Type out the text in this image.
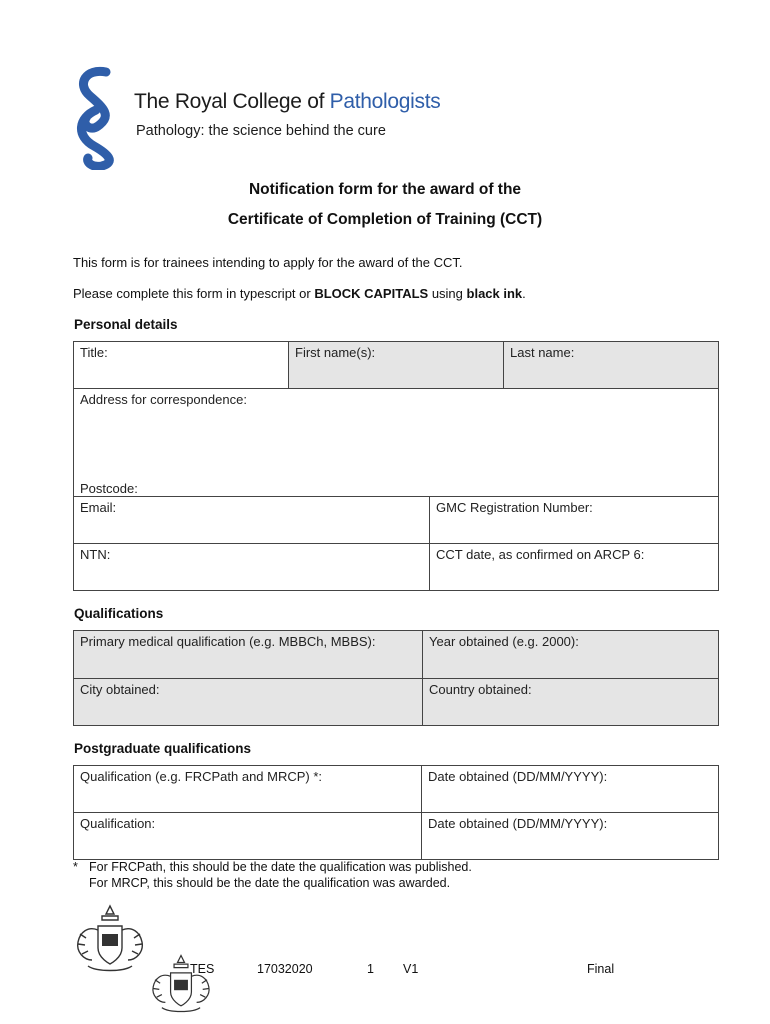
The Royal College of Pathologists
Pathology: the science behind the cure
Notification form for the award of the
Certificate of Completion of Training (CCT)
This form is for trainees intending to apply for the award of the CCT.
Please complete this form in typescript or BLOCK CAPITALS using black ink.
Personal details
Title:	First name(s):		Last name:
Address for correspondence:
Postcode:			

Email:		GMC Registration Number:	
NTN:		CCT date, as confirmed on ARCP 6:	
Qualifications
Primary medical qualification (e.g. MBBCh, MBBS):	Year obtained (e.g. 2000):
City obtained:	Country obtained:
Postgraduate qualifications
Qualification (e.g. FRCPath and MRCP) *:	Date obtained (DD/MM/YYYY):
Qualification:	Date obtained (DD/MM/YYYY):
* For FRCPath, this should be the date the qualification was published.
For MRCP, this should be the date the qualification was awarded.
TES	17032020	1 V1	Final
